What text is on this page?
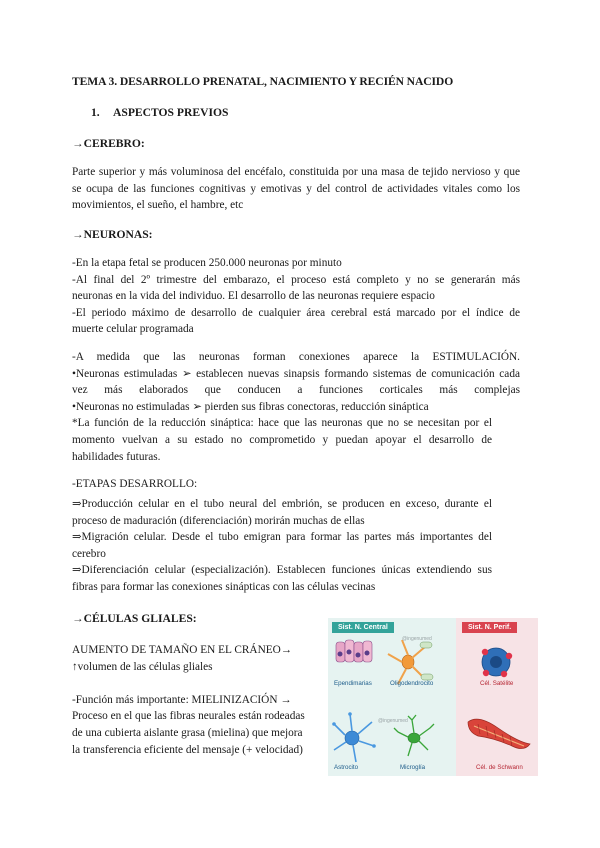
TEMA 3. DESARROLLO PRENATAL, NACIMIENTO Y RECIÉN NACIDO
1. ASPECTOS PREVIOS
→CEREBRO:
Parte superior y más voluminosa del encéfalo, constituida por una masa de tejido nervioso y que
se ocupa de las funciones cognitivas y emotivas y del control de actividades vitales como los
movimientos, el sueño, el hambre, etc
→NEURONAS:
-En la etapa fetal se producen 250.000 neuronas por minuto
-Al final del 2º trimestre del embarazo, el proceso está completo y no se generarán más
neuronas en la vida del individuo. El desarrollo de las neuronas requiere espacio
-El periodo máximo de desarrollo de cualquier área cerebral está marcado por el índice de
muerte celular programada
-A medida que las neuronas forman conexiones aparece la ESTIMULACIÓN.
•Neuronas estimuladas ➢ establecen nuevas sinapsis formando sistemas de comunicación cada
vez más elaborados que conducen a funciones corticales más complejas
•Neuronas no estimuladas ➢ pierden sus fibras conectoras, reducción sináptica
*La función de la reducción sináptica: hace que las neuronas que no se necesitan por el
momento vuelvan a su estado no comprometido y puedan apoyar el desarrollo de
habilidades futuras.
-ETAPAS DESARROLLO:
⇒Producción celular en el tubo neural del embrión, se producen en exceso, durante el
proceso de maduración (diferenciación) morirán muchas de ellas
⇒Migración celular. Desde el tubo emigran para formar las partes más importantes del
cerebro
⇒Diferenciación celular (especialización). Establecen funciones únicas extendiendo sus
fibras para formar las conexiones sinápticas con las células vecinas
→CÉLULAS GLIALES:
AUMENTO DE TAMAÑO EN EL CRÁNEO→
↑volumen de las células gliales
-Función más importante: MIELINIZACIÓN →
Proceso en el que las fibras neurales están rodeadas
de una cubierta aislante grasa (mielina) que mejora
la transferencia eficiente del mensaje (+ velocidad)
Sist. N. Central	Sist. N. Perif.
Ependimarias	Oligodendrocito	Cél. Satélite
Astrocito	Microglía	Cél. de Schwann
@ingenumed
@ingenumed
